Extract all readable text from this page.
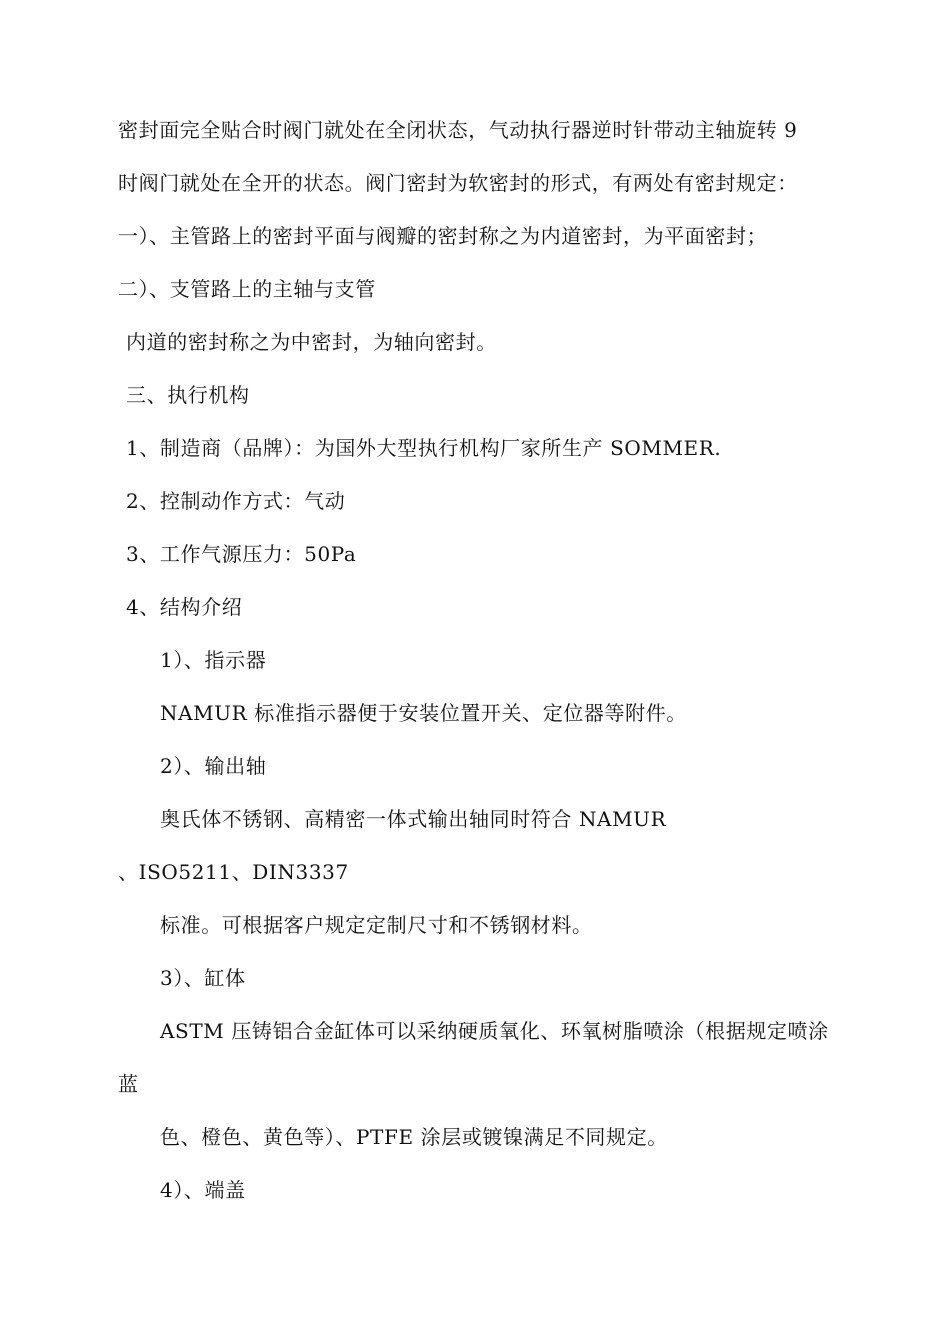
密封面完全贴合时阀门就处在全闭状态，气动执行器逆时针带动主轴旋转 9
时阀门就处在全开的状态。阀门密封为软密封的形式，有两处有密封规定：
一）、主管路上的密封平面与阀瓣的密封称之为内道密封，为平面密封；
二）、支管路上的主轴与支管
内道的密封称之为中密封，为轴向密封。
三、执行机构
1、制造商（品牌）：为国外大型执行机构厂家所生产 SOMMER.
2、控制动作方式：气动
3、工作气源压力：50Pa
4、结构介绍
1）、指示器
NAMUR 标准指示器便于安装位置开关、定位器等附件。
2）、输出轴
奥氏体不锈钢、高精密一体式输出轴同时符合 NAMUR
、ISO5211、DIN3337
标准。可根据客户规定定制尺寸和不锈钢材料。
3）、缸体
ASTM 压铸铝合金缸体可以采纳硬质氧化、环氧树脂喷涂（根据规定喷涂
蓝
色、橙色、黄色等）、PTFE 涂层或镀镍满足不同规定。
4）、端盖
